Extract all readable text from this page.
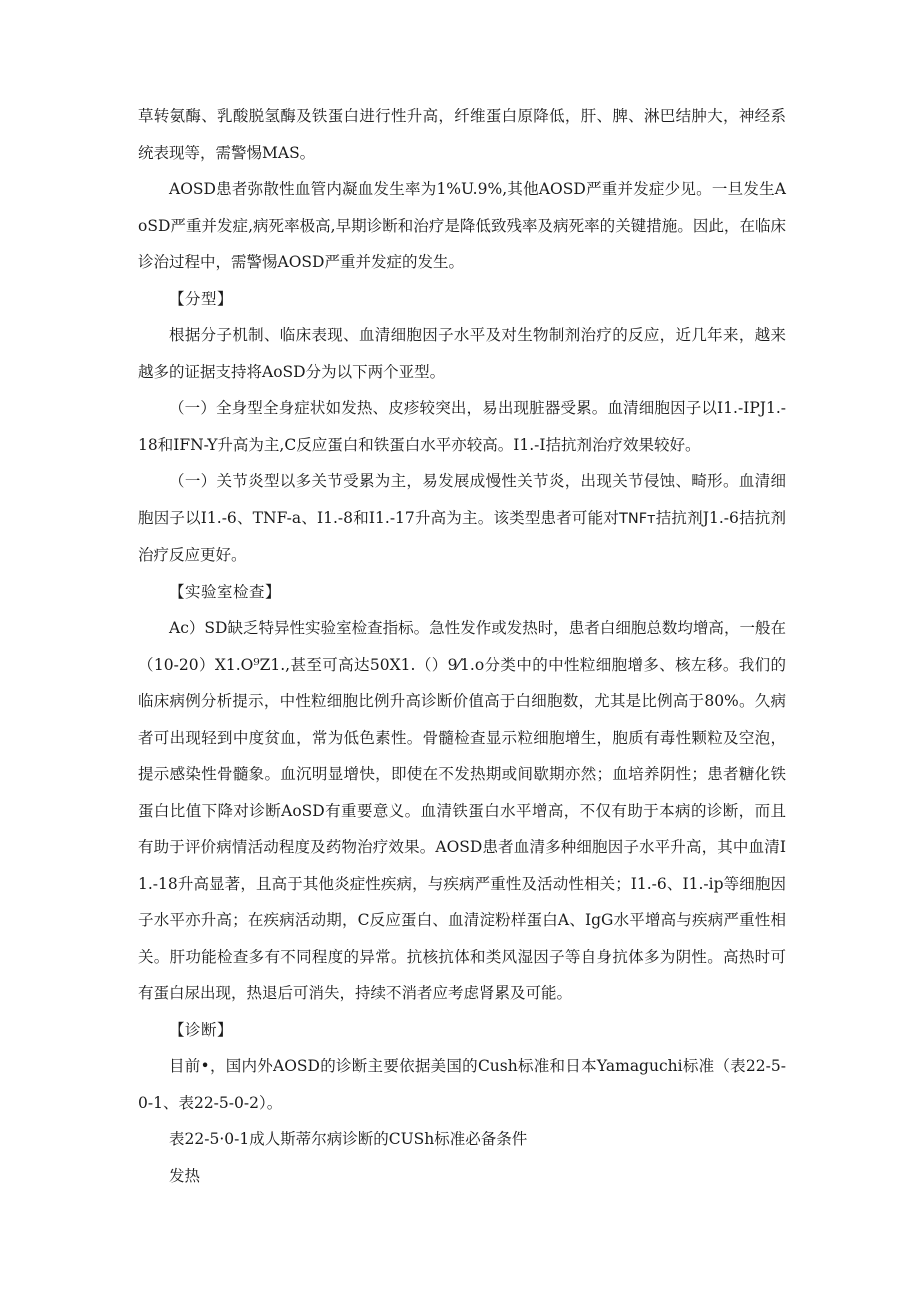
草转氨酶、乳酸脱氢酶及铁蛋白进行性升高，纤维蛋白原降低，肝、脾、淋巴结肿大，神经系统表现等，需警惕MAS。

AOSD患者弥散性血管内凝血发生率为1%U.9%,其他AOSD严重并发症少见。一旦发生AoSD严重并发症,病死率极高,早期诊断和治疗是降低致残率及病死率的关键措施。因此，在临床诊治过程中，需警惕AOSD严重并发症的发生。

【分型】

根据分子机制、临床表现、血清细胞因子水平及对生物制剂治疗的反应，近几年来，越来越多的证据支持将AoSD分为以下两个亚型。

（一）全身型全身症状如发热、皮疹较突出，易出现脏器受累。血清细胞因子以I1.-IPJ1.-18和IFN-Y升高为主,C反应蛋白和铁蛋白水平亦较高。I1.-I拮抗剂治疗效果较好。

（一）关节炎型以多关节受累为主，易发展成慢性关节炎，出现关节侵蚀、畸形。血清细胞因子以I1.-6、TNF-a、I1.-8和I1.-17升高为主。该类型患者可能对TNFт拮抗剂J1.-6拮抗剂治疗反应更好。

【实验室检查】

Ac）SD缺乏特异性实验室检查指标。急性发作或发热时，患者白细胞总数均增高，一般在（10-20）X1.O⁹Z1.,甚至可高达50X1.（）9⁄1.o分类中的中性粒细胞增多、核左移。我们的临床病例分析提示，中性粒细胞比例升高诊断价值高于白细胞数，尤其是比例高于80%。久病者可出现轻到中度贫血，常为低色素性。骨髓检查显示粒细胞增生，胞质有毒性颗粒及空泡，提示感染性骨髓象。血沉明显增快，即使在不发热期或间歇期亦然；血培养阴性；患者糖化铁蛋白比值下降对诊断AoSD有重要意义。血清铁蛋白水平增高，不仅有助于本病的诊断，而且有助于评价病情活动程度及药物治疗效果。AOSD患者血清多种细胞因子水平升高，其中血清I1.-18升高显著，且高于其他炎症性疾病，与疾病严重性及活动性相关；I1.-6、I1.-ip等细胞因子水平亦升高；在疾病活动期，C反应蛋白、血清淀粉样蛋白A、IgG水平增高与疾病严重性相关。肝功能检查多有不同程度的异常。抗核抗体和类风湿因子等自身抗体多为阴性。高热时可有蛋白尿出现，热退后可消失，持续不消者应考虑肾累及可能。

【诊断】

目前•，国内外AOSD的诊断主要依据美国的Cush标准和日本Yamaguchi标准（表22-5-0-1、表22-5-0-2）。

表22-5·0-1成人斯蒂尔病诊断的CUSh标准必备条件

发热
